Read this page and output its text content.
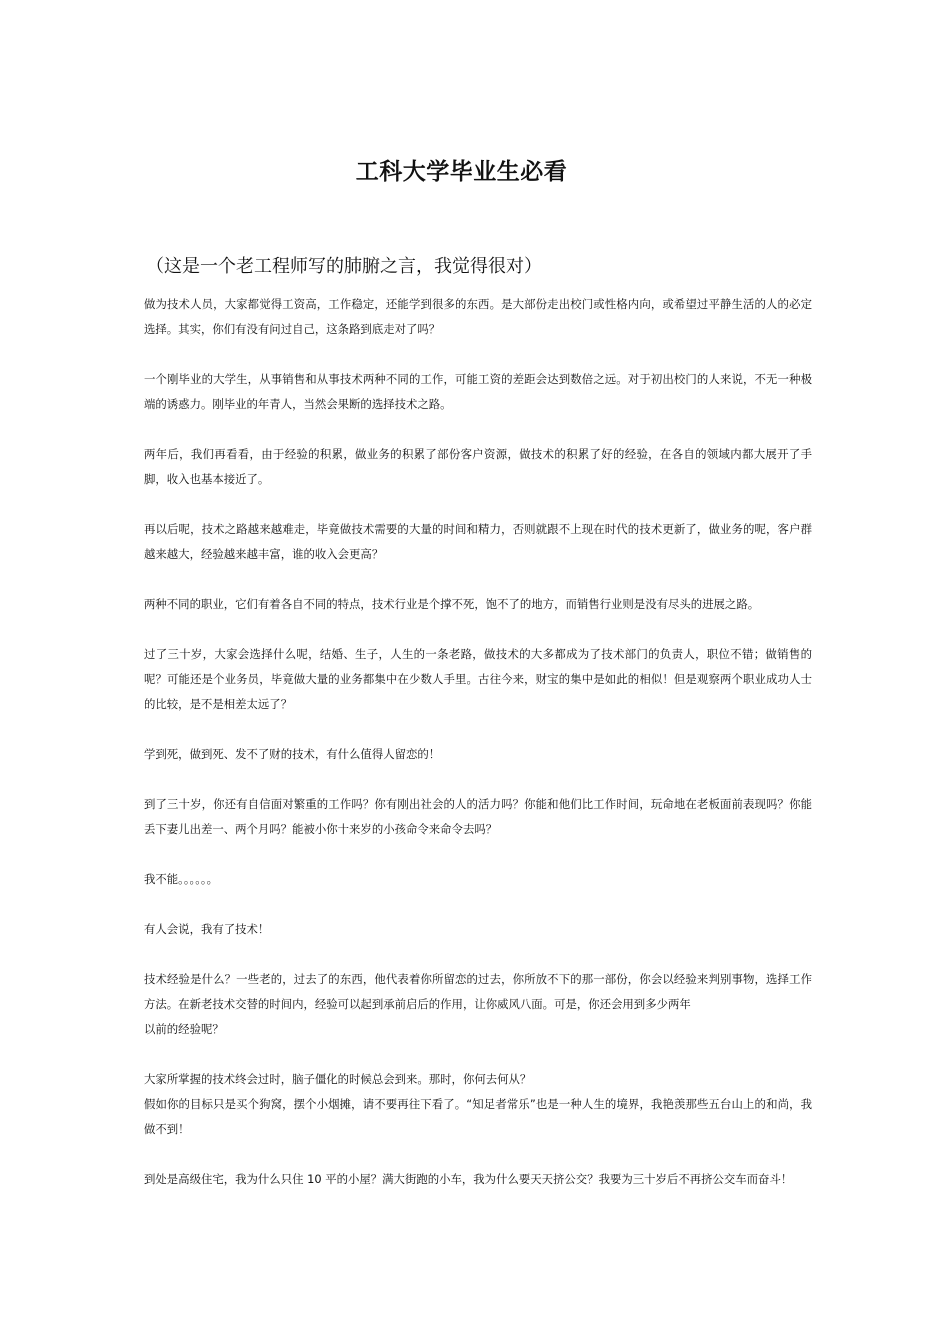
工科大学毕业生必看

（这是一个老工程师写的肺腑之言，我觉得很对）

做为技术人员，大家都觉得工资高，工作稳定，还能学到很多的东西。是大部份走出校门或性格内向，或希望过平静生活的人的必定选择。其实，你们有没有问过自己，这条路到底走对了吗？

一个刚毕业的大学生，从事销售和从事技术两种不同的工作，可能工资的差距会达到数倍之远。对于初出校门的人来说，不无一种极端的诱惑力。刚毕业的年青人，当然会果断的选择技术之路。

两年后，我们再看看，由于经验的积累，做业务的积累了部份客户资源，做技术的积累了好的经验，在各自的领域内都大展开了手脚，收入也基本接近了。

再以后呢，技术之路越来越难走，毕竟做技术需要的大量的时间和精力，否则就跟不上现在时代的技术更新了，做业务的呢，客户群越来越大，经验越来越丰富，谁的收入会更高？

两种不同的职业，它们有着各自不同的特点，技术行业是个撑不死，饱不了的地方，而销售行业则是没有尽头的进展之路。

过了三十岁，大家会选择什么呢，结婚、生子，人生的一条老路，做技术的大多都成为了技术部门的负责人，职位不错；做销售的呢？可能还是个业务员，毕竟做大量的业务都集中在少数人手里。古往今来，财宝的集中是如此的相似！但是观察两个职业成功人士的比较，是不是相差太远了？

学到死，做到死、发不了财的技术，有什么值得人留恋的！

到了三十岁，你还有自信面对繁重的工作吗？你有刚出社会的人的活力吗？你能和他们比工作时间，玩命地在老板面前表现吗？你能丢下妻儿出差一、两个月吗？能被小你十来岁的小孩命令来命令去吗？

我不能。。。。。。

有人会说，我有了技术！

技术经验是什么？一些老的，过去了的东西，他代表着你所留恋的过去，你所放不下的那一部份，你会以经验来判别事物，选择工作方法。在新老技术交替的时间内，经验可以起到承前启后的作用，让你威风八面。可是，你还会用到多少两年
以前的经验呢？

大家所掌握的技术终会过时，脑子僵化的时候总会到来。那时，你何去何从？
假如你的目标只是买个狗窝，摆个小烟摊，请不要再往下看了。“知足者常乐”也是一种人生的境界，我艳羡那些五台山上的和尚，我做不到！

到处是高级住宅，我为什么只住 10 平的小屋？满大街跑的小车，我为什么要天天挤公交？我要为三十岁后不再挤公交车而奋斗！
